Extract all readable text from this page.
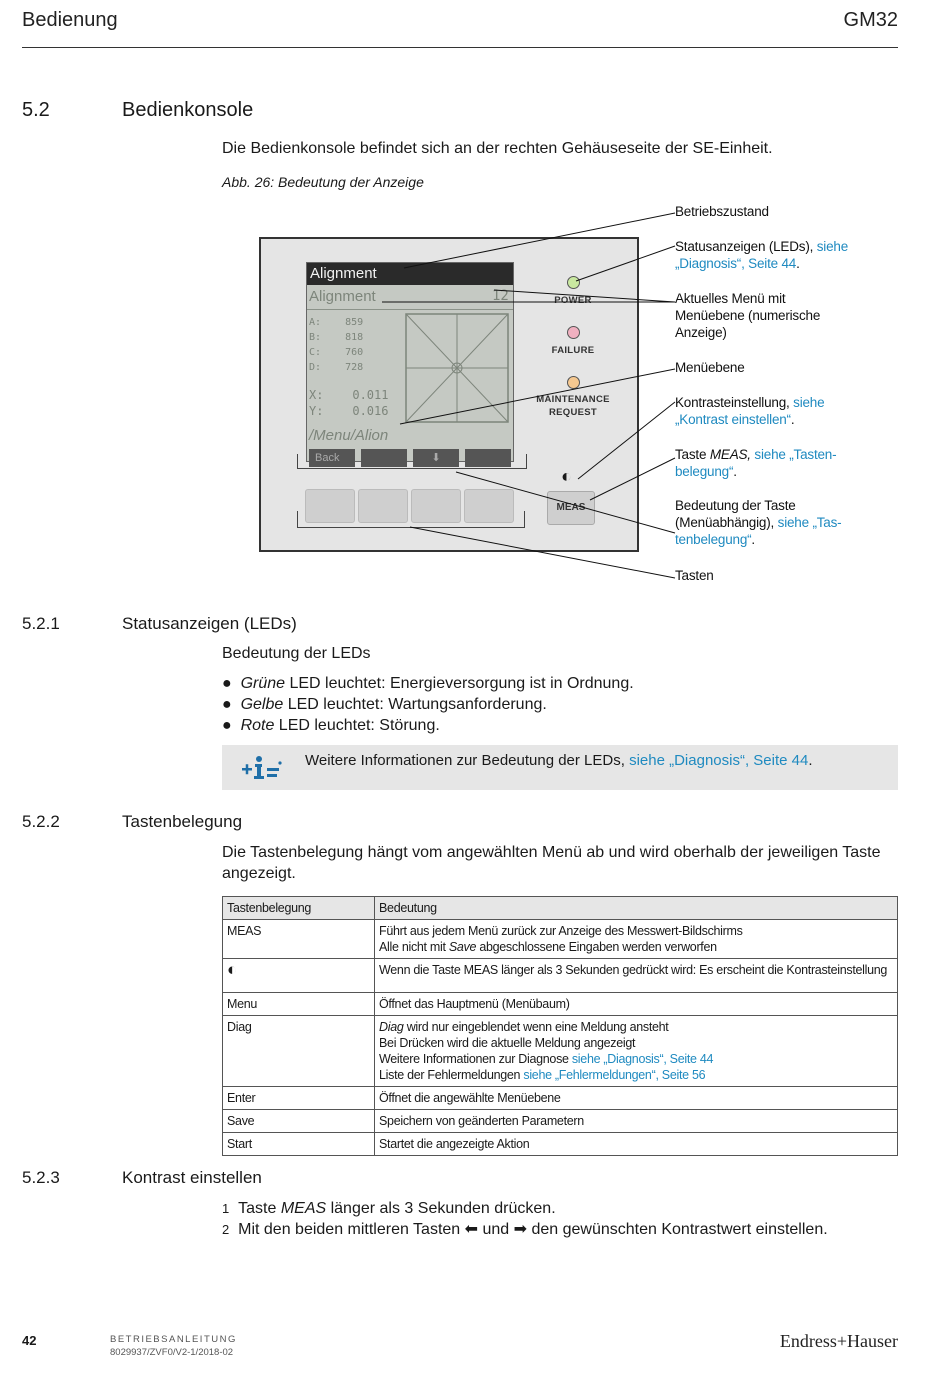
Bedienung	GM32
5.2	Bedienkonsole
Die Bedienkonsole befindet sich an der rechten Gehäuseseite der SE-Einheit.
Abb. 26: Bedeutung der Anzeige
Alignment
Alignment	12
A: 859
B: 818
C: 760
D: 728
X: 0.011
Y: 0.016
/Menu/Alion
Back	⬇
POWER
FAILURE
MAINTENANCE REQUEST
◐
MEAS
Betriebszustand
Statusanzeigen (LEDs), siehe „Diagnosis“, Seite 44.
Aktuelles Menü mit Menüebene (numerische Anzeige)
Menüebene
Kontrasteinstellung, siehe „Kontrast einstellen“.
Taste MEAS, siehe „Tasten-belegung“.
Bedeutung der Taste (Menüabhängig), siehe „Tas-tenbelegung“.
Tasten
5.2.1	Statusanzeigen (LEDs)
Bedeutung der LEDs
●  Grüne LED leuchtet: Energieversorgung ist in Ordnung.
●  Gelbe LED leuchtet: Wartungsanforderung.
●  Rote LED leuchtet: Störung.
Weitere Informationen zur Bedeutung der LEDs, siehe „Diagnosis“, Seite 44.
5.2.2	Tastenbelegung
Die Tastenbelegung hängt vom angewählten Menü ab und wird oberhalb der jeweiligen Taste angezeigt.
Tastenbelegung	Bedeutung
MEAS	Führt aus jedem Menü zurück zur Anzeige des Messwert-Bildschirms
Alle nicht mit Save abgeschlossene Eingaben werden verworfen

◐	Wenn die Taste MEAS länger als 3 Sekunden gedrückt wird: Es erscheint die Kontrasteinstellung
Menu	Öffnet das Hauptmenü (Menübaum)
Diag	Diag wird nur eingeblendet wenn eine Meldung ansteht
Bei Drücken wird die aktuelle Meldung angezeigt
Weitere Informationen zur Diagnose siehe „Diagnosis“, Seite 44
Liste der Fehlermeldungen siehe „Fehlermeldungen“, Seite 56

Enter	Öffnet die angewählte Menüebene
Save	Speichern von geänderten Parametern
Start	Startet die angezeigte Aktion
5.2.3	Kontrast einstellen
1 Taste MEAS länger als 3 Sekunden drücken.
2 Mit den beiden mittleren Tasten ⬅ und ➡ den gewünschten Kontrastwert einstellen.
42	BETRIEBSANLEITUNG
8029937/ZVF0/V2-1/2018-02
Endress+Hauser
